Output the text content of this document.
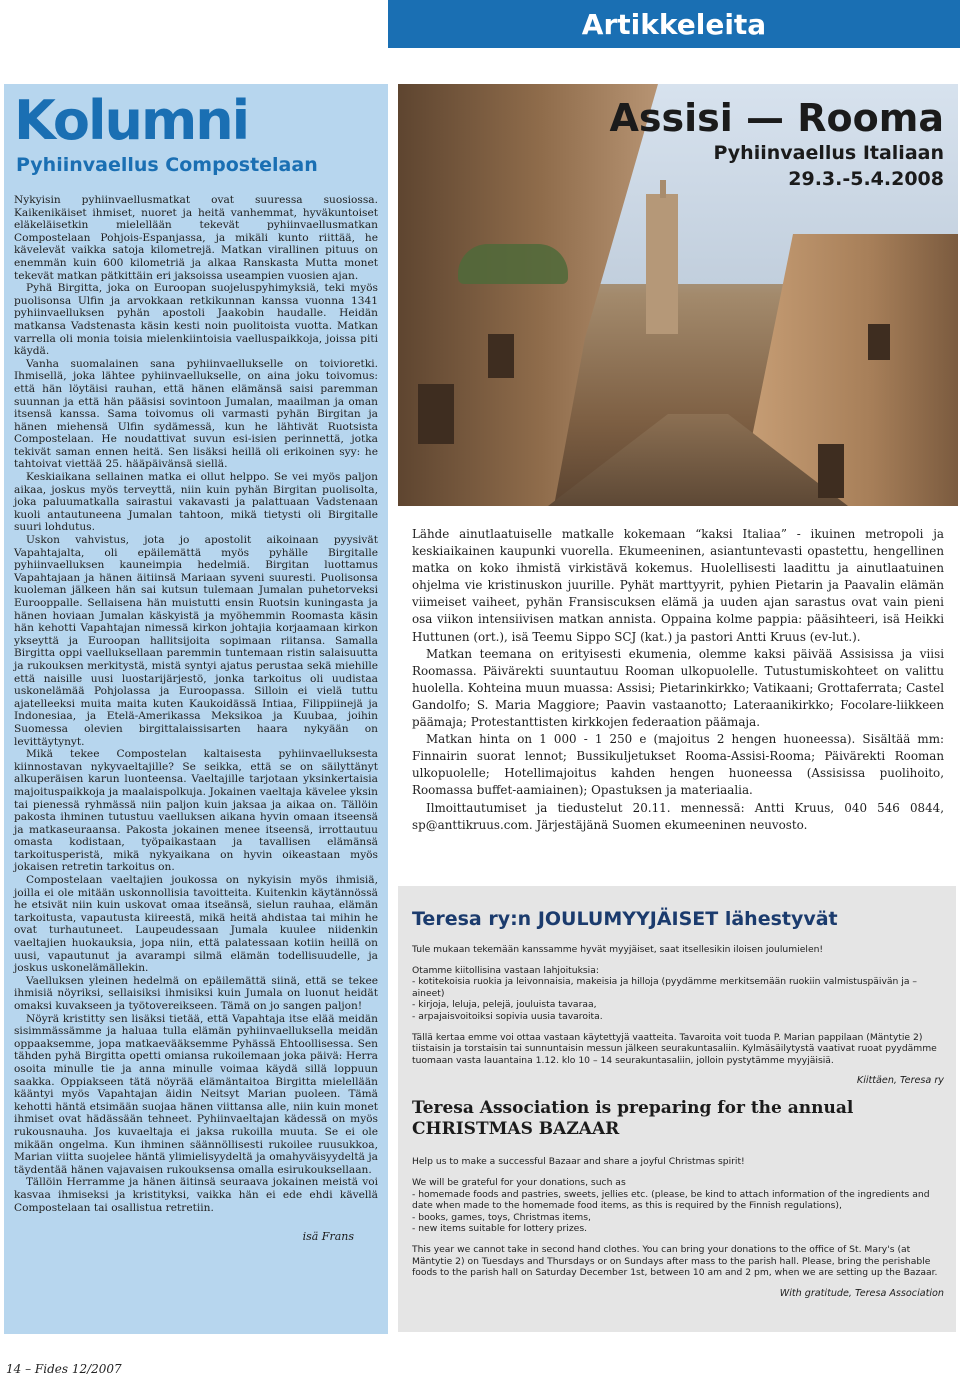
Artikkeleita
Kolumni
Pyhiinvaellus Compostelaan

Nykyisin pyhiinvaellusmatkat ovat suuressa suosiossa. Kaikenikäiset ihmiset, nuoret ja heitä vanhemmat, hyväkuntoiset eläkeläisetkin mielellään tekevät pyhiinvaellusmatkan Compostelaan Pohjois-Espanjassa, ja mikäli kunto riittää, he kävelevät vaikka satoja kilometrejä. Matkan virallinen pituus on enemmän kuin 600 kilometriä ja alkaa Ranskasta Mutta monet tekevät matkan pätkittäin eri jaksoissa useampien vuosien ajan.

Pyhä Birgitta, joka on Euroopan suojeluspyhimyksiä, teki myös puolisonsa Ulfin ja arvokkaan retkikunnan kanssa vuonna 1341 pyhiinvaelluksen pyhän apostoli Jaakobin haudalle. Heidän matkansa Vadstenasta käsin kesti noin puolitoista vuotta. Matkan varrella oli monia toisia mielenkiintoisia vaelluspaikkoja, joissa piti käydä.

Vanha suomalainen sana pyhiinvaellukselle on toivioretki. Ihmisellä, joka lähtee pyhiinvaellukselle, on aina joku toivomus: että hän löytäisi rauhan, että hänen elämänsä saisi paremman suunnan ja että hän pääsisi sovintoon Jumalan, maailman ja oman itsensä kanssa. Sama toivomus oli varmasti pyhän Birgitan ja hänen miehensä Ulfin sydämessä, kun he lähtivät Ruotsista Compostelaan. He noudattivat suvun esi-isien perinnettä, jotka tekivät saman ennen heitä. Sen lisäksi heillä oli erikoinen syy: he tahtoivat viettää 25. hääpäivänsä siellä.

Keskiaikana sellainen matka ei ollut helppo. Se vei myös paljon aikaa, joskus myös terveyttä, niin kuin pyhän Birgitan puolisolta, joka paluumatkalla sairastui vakavasti ja palattuaan Vadstenaan kuoli antautuneena Jumalan tahtoon, mikä tietysti oli Birgitalle suuri lohdutus.

Uskon vahvistus, jota jo apostolit aikoinaan pyysivät Vapahtajalta, oli epäilemättä myös pyhälle Birgitalle pyhiinvaelluksen kauneimpia hedelmiä. Birgitan luottamus Vapahtajaan ja hänen äitiinsä Mariaan syveni suuresti. Puolisonsa kuoleman jälkeen hän sai kutsun tulemaan Jumalan puhetorveksi Eurooppalle. Sellaisena hän muistutti ensin Ruotsin kuningasta ja hänen hoviaan Jumalan käskyistä ja myöhemmin Roomasta käsin hän kehotti Vapahtajan nimessä kirkon johtajia korjaamaan kirkon ykseyttä ja Euroopan hallitsijoita sopimaan riitansa. Samalla Birgitta oppi vaelluksellaan paremmin tuntemaan ristin salaisuutta ja rukouksen merkitystä, mistä syntyi ajatus perustaa sekä miehille että naisille uusi luostarijärjestö, jonka tarkoitus oli uudistaa uskonelämää Pohjolassa ja Euroopassa. Silloin ei vielä tuttu ajatelleeksi muita maita kuten Kaukoidässä Intiaa, Filippiinejä ja Indonesiaa, ja Etelä-Amerikassa Meksikoa ja Kuubaa, joihin Suomessa olevien birgittalaissisarten haara nykyään on levittäytynyt.

Mikä tekee Compostelan kaltaisesta pyhiinvaelluksesta kiinnostavan nykyvaeltajille? Se seikka, että se on säilyttänyt alkuperäisen karun luonteensa. Vaeltajille tarjotaan yksinkertaisia majoituspaikkoja ja maalaispolkuja. Jokainen vaeltaja kävelee yksin tai pienessä ryhmässä niin paljon kuin jaksaa ja aikaa on. Tällöin pakosta ihminen tutustuu vaelluksen aikana hyvin omaan itseensä ja matkaseuraansa. Pakosta jokainen menee itseensä, irrottautuu omasta kodistaan, työpaikastaan ja tavallisen elämänsä tarkoitusperistä, mikä nykyaikana on hyvin oikeastaan myös jokaisen retretin tarkoitus on.

Compostelaan vaeltajien joukossa on nykyisin myös ihmisiä, joilla ei ole mitään uskonnollisia tavoitteita. Kuitenkin käytännössä he etsivät niin kuin uskovat omaa itseänsä, sielun rauhaa, elämän tarkoitusta, vapautusta kiireestä, mikä heitä ahdistaa tai mihin he ovat turhautuneet. Laupeudessaan Jumala kuulee niidenkin vaeltajien huokauksia, jopa niin, että palatessaan kotiin heillä on uusi, vapautunut ja avarampi silmä elämän todellisuudelle, ja joskus uskonelämällekin.

Vaelluksen yleinen hedelmä on epäilemättä siinä, että se tekee ihmisiä nöyriksi, sellaisiksi ihmisiksi kuin Jumala on luonut heidät omaksi kuvakseen ja työtovereikseen. Tämä on jo sangen paljon!

Nöyrä kristitty sen lisäksi tietää, että Vapahtaja itse elää meidän sisimmässämme ja haluaa tulla elämän pyhiinvaelluksella meidän oppaaksemme, jopa matkaevääksemme Pyhässä Ehtoollisessa. Sen tähden pyhä Birgitta opetti omiansa rukoilemaan joka päivä: Herra osoita minulle tie ja anna minulle voimaa käydä sillä loppuun saakka. Oppiakseen tätä nöyrää elämäntaitoa Birgitta mielellään kääntyi myös Vapahtajan äidin Neitsyt Marian puoleen. Tämä kehotti häntä etsimään suojaa hänen viittansa alle, niin kuin monet ihmiset ovat hädässään tehneet. Pyhiinvaeltajan kädessä on myös rukousnauha. Jos kuvaeltaja ei jaksa rukoilla muuta. Se ei ole mikään ongelma. Kun ihminen säännöllisesti rukoilee ruusukkoa, Marian viitta suojelee häntä ylimielisyydeltä ja omahyväisyydeltä ja täydentää hänen vajavaisen rukouksensa omalla esirukouksellaan.

Tällöin Herramme ja hänen äitinsä seuraava jokainen meistä voi kasvaa ihmiseksi ja kristityksi, vaikka hän ei ede ehdi kävellä Compostelaan tai osallistua retretiin.

isä Frans
Assisi — Rooma
Pyhiinvaellus Italiaan
29.3.-5.4.2008

Lähde ainutlaatuiselle matkalle kokemaan “kaksi Italiaa” - ikuinen metropoli ja keskiaikainen kaupunki vuorella. Ekumeeninen, asiantuntevasti opastettu, hengellinen matka on koko ihmistä virkistävä kokemus. Huolellisesti laadittu ja ainutlaatuinen ohjelma vie kristinuskon juurille. Pyhät marttyyrit, pyhien Pietarin ja Paavalin elämän viimeiset vaiheet, pyhän Fransiscuksen elämä ja uuden ajan sarastus ovat vain pieni osa viikon intensiivisen matkan annista. Oppaina kolme pappia: pääsihteeri, isä Heikki Huttunen (ort.), isä Teemu Sippo SCJ (kat.) ja pastori Antti Kruus (ev-lut.).

Matkan teemana on erityisesti ekumenia, olemme kaksi päivää Assisissa ja viisi Roomassa. Päivärekti suuntautuu Rooman ulkopuolelle. Tutustumiskohteet on valittu huolella. Kohteina muun muassa: Assisi; Pietarinkirkko; Vatikaani; Grottaferrata; Castel Gandolfo; S. Maria Maggiore; Paavin vastaanotto; Lateraanikirkko; Focolare-liikkeen päämaja; Protestanttisten kirkkojen federaation päämaja.

Matkan hinta on 1 000 - 1 250 e (majoitus 2 hengen huoneessa). Sisältää mm: Finnairin suorat lennot; Bussikuljetukset Rooma-Assisi-Rooma; Päivärekti Rooman ulkopuolelle; Hotellimajoitus kahden hengen huoneessa (Assisissa puolihoito, Roomassa buffet-aamiainen); Opastuksen ja materiaalia.

Ilmoittautumiset ja tiedustelut 20.11. mennessä: Antti Kruus, 040 546 0844, sp@anttikruus.com. Järjestäjänä Suomen ekumeeninen neuvosto.

Teresa ry:n JOULUMYYJÄISET lähestyvät

Tule mukaan tekemään kanssamme hyvät myyjäiset, saat itsellesikin iloisen joulumielen!

Otamme kiitollisina vastaan lahjoituksia:
- kotitekoisia ruokia ja leivonnaisia, makeisia ja hilloja (pyydämme merkitsemään ruokiin valmistuspäivän ja –aineet)
- kirjoja, leluja, pelejä, jouluista tavaraa,
- arpajaisvoitoiksi sopivia uusia tavaroita.

Tällä kertaa emme voi ottaa vastaan käytettyjä vaatteita. Tavaroita voit tuoda P. Marian pappilaan (Mäntytie 2) tiistaisin ja torstaisin tai sunnuntaisin messun jälkeen seurakuntasaliin. Kylmäsäilytystä vaativat ruoat pyydämme tuomaan vasta lauantaina 1.12. klo 10 – 14 seurakuntasaliin, jolloin pystytämme myyjäisiä.

Kiittäen, Teresa ry
Teresa Association is preparing for the annual CHRISTMAS BAZAAR

Help us to make a successful Bazaar and share a joyful Christmas spirit!

We will be grateful for your donations, such as
- homemade foods and pastries, sweets, jellies etc. (please, be kind to attach information of the ingredients and date when made to the homemade food items, as this is required by the Finnish regulations),
- books, games, toys, Christmas items,
- new items suitable for lottery prizes.

This year we cannot take in second hand clothes. You can bring your donations to the office of St. Mary's (at Mäntytie 2) on Tuesdays and Thursdays or on Sundays after mass to the parish hall. Please, bring the perishable foods to the parish hall on Saturday December 1st, between 10 am and 2 pm, when we are setting up the Bazaar.

With gratitude, Teresa Association
14 – Fides 12/2007
